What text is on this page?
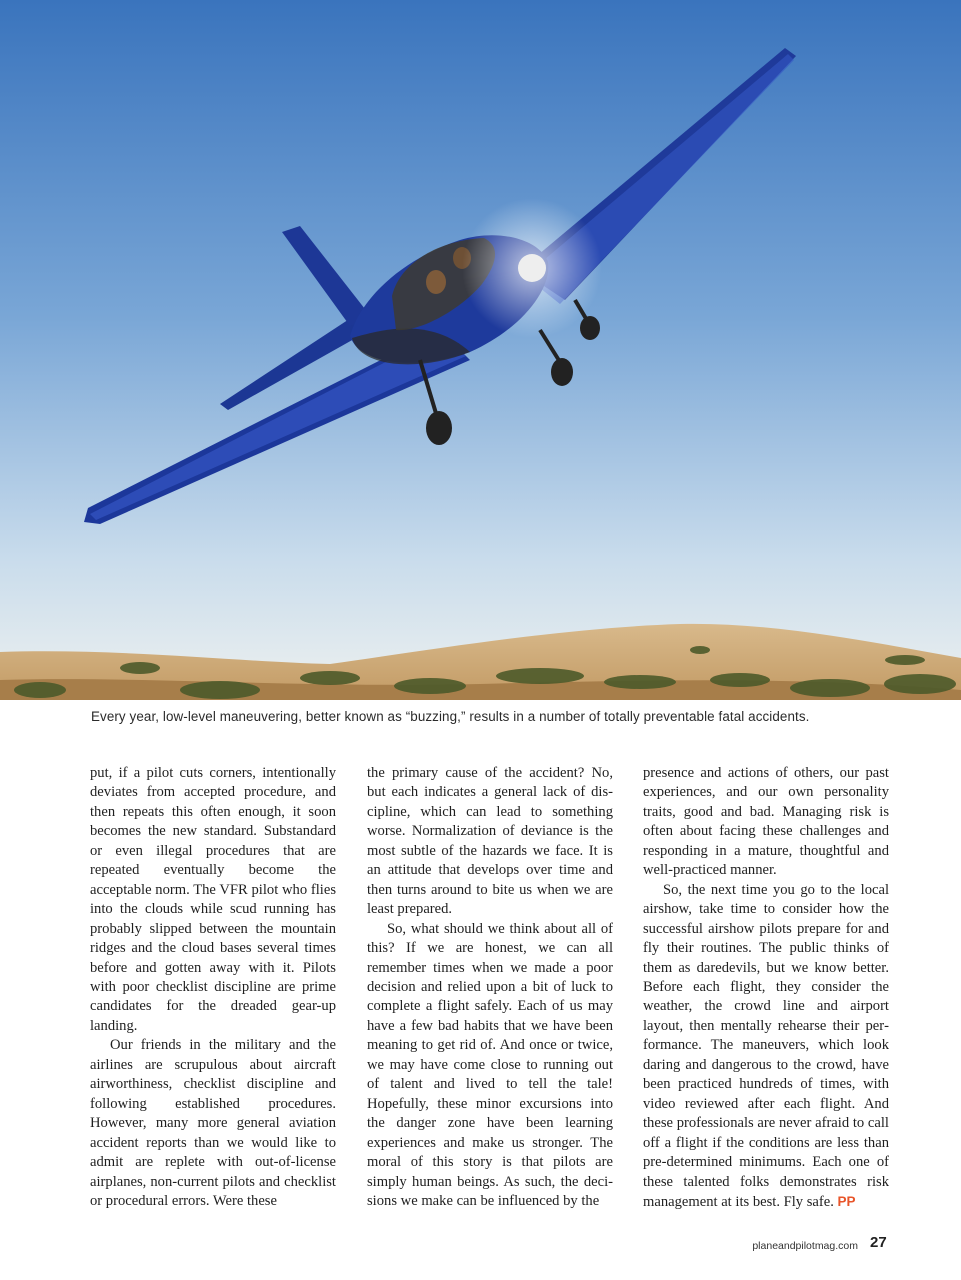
Every year, low-level maneuvering, better known as “buzzing,” results in a number of totally preventable fatal accidents.

put, if a pilot cuts corners, intentionally deviates from accepted procedure, and then repeats this often enough, it soon becomes the new standard. Substandard or even illegal procedures that are repeated eventually become the acceptable norm. The VFR pilot who flies into the clouds while scud running has probably slipped between the mountain ridges and the cloud bases several times before and gotten away with it. Pilots with poor checklist discipline are prime candidates for the dreaded gear-up landing.

Our friends in the military and the airlines are scrupulous about aircraft airworthiness, checklist discipline and following established procedures. However, many more general aviation accident reports than we would like to admit are replete with out-of-license airplanes, non-current pilots and checklist or procedural errors. Were these

the primary cause of the accident? No, but each indicates a general lack of discipline, which can lead to something worse. Normalization of deviance is the most subtle of the hazards we face. It is an attitude that develops over time and then turns around to bite us when we are least prepared.

So, what should we think about all of this? If we are honest, we can all remember times when we made a poor decision and relied upon a bit of luck to complete a flight safely. Each of us may have a few bad habits that we have been meaning to get rid of. And once or twice, we may have come close to running out of talent and lived to tell the tale! Hopefully, these minor excursions into the danger zone have been learning experiences and make us stronger. The moral of this story is that pilots are simply human beings. As such, the decisions we make can be influenced by the

presence and actions of others, our past experiences, and our own personality traits, good and bad. Managing risk is often about facing these challenges and responding in a mature, thoughtful and well-practiced manner.

So, the next time you go to the local airshow, take time to consider how the successful airshow pilots prepare for and fly their routines. The public thinks of them as daredevils, but we know better. Before each flight, they consider the weather, the crowd line and airport layout, then mentally rehearse their performance. The maneuvers, which look daring and dangerous to the crowd, have been practiced hundreds of times, with video reviewed after each flight. And these professionals are never afraid to call off a flight if the conditions are less than pre-determined minimums. Each one of these talented folks demonstrates risk management at its best. Fly safe. PP

planeandpilotmag.com 27
